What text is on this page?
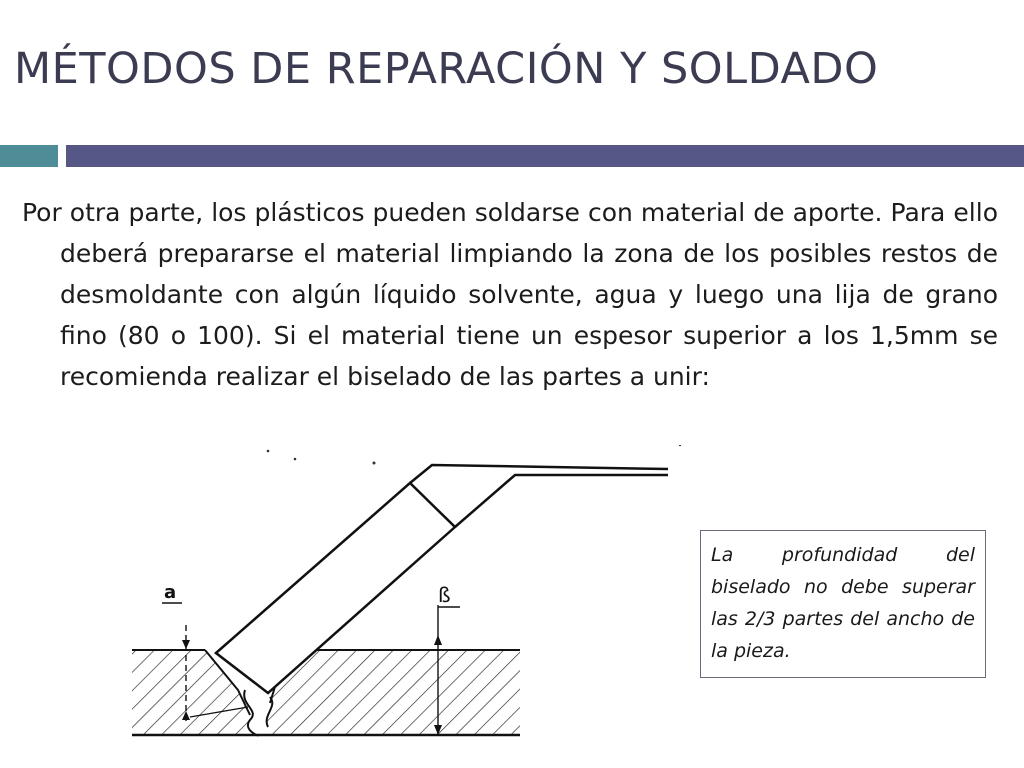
MÉTODOS DE REPARACIÓN Y SOLDADO

Por otra parte, los plásticos pueden soldarse con material de aporte. Para ello deberá prepararse el material limpiando la zona de los posibles restos de desmoldante con algún líquido solvente, agua y luego una lija de grano fino (80 o 100). Si el material tiene un espesor superior a los 1,5mm se recomienda realizar el biselado de las partes a unir:

a	ß
La profundidad del biselado no debe superar las 2/3 partes del ancho de la pieza.
